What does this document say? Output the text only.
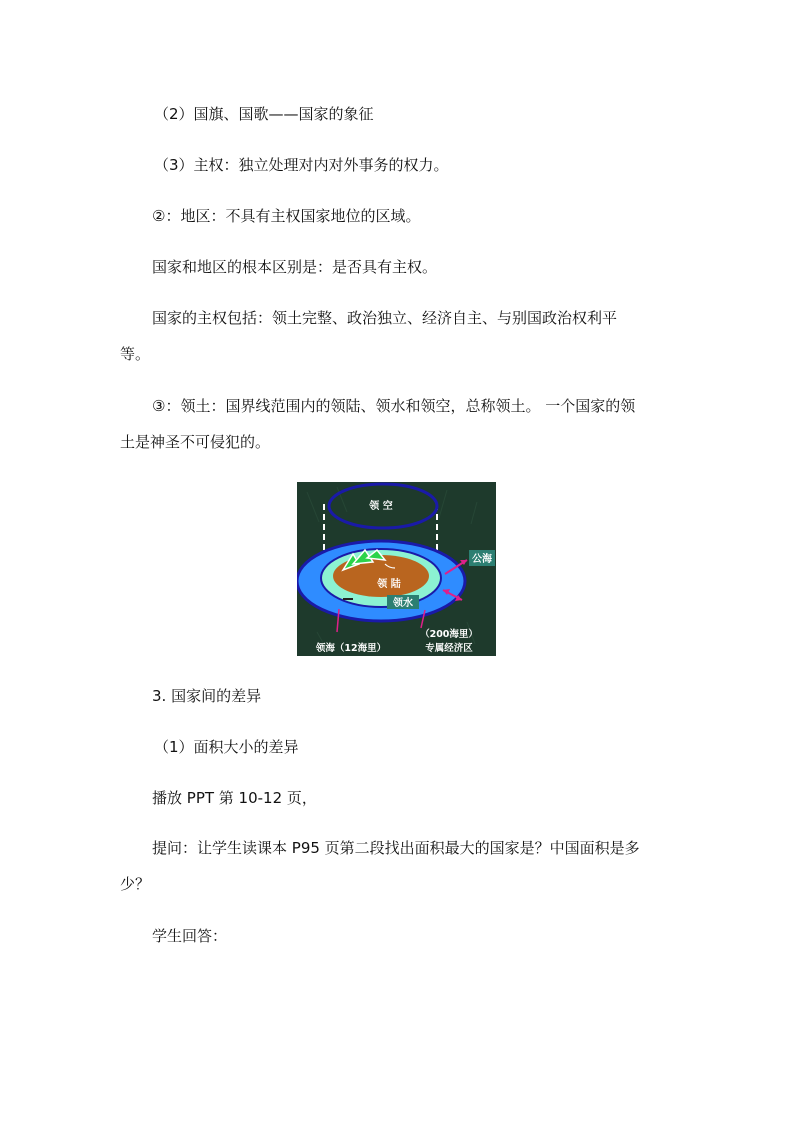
（2）国旗、国歌——国家的象征
（3）主权：独立处理对内对外事务的权力。
②：地区：不具有主权国家地位的区域。
国家和地区的根本区别是：是否具有主权。
国家的主权包括：领土完整、政治独立、经济自主、与别国政治权利平
等。
③：领土：国界线范围内的领陆、领水和领空，总称领土。 一个国家的领
土是神圣不可侵犯的。
领 空
领 陆
领水
公海
领海（12海里）
（200海里）
专属经济区
3. 国家间的差异
（1）面积大小的差异
播放 PPT 第 10-12 页，
提问：让学生读课本 P95 页第二段找出面积最大的国家是？中国面积是多
少？
学生回答：
